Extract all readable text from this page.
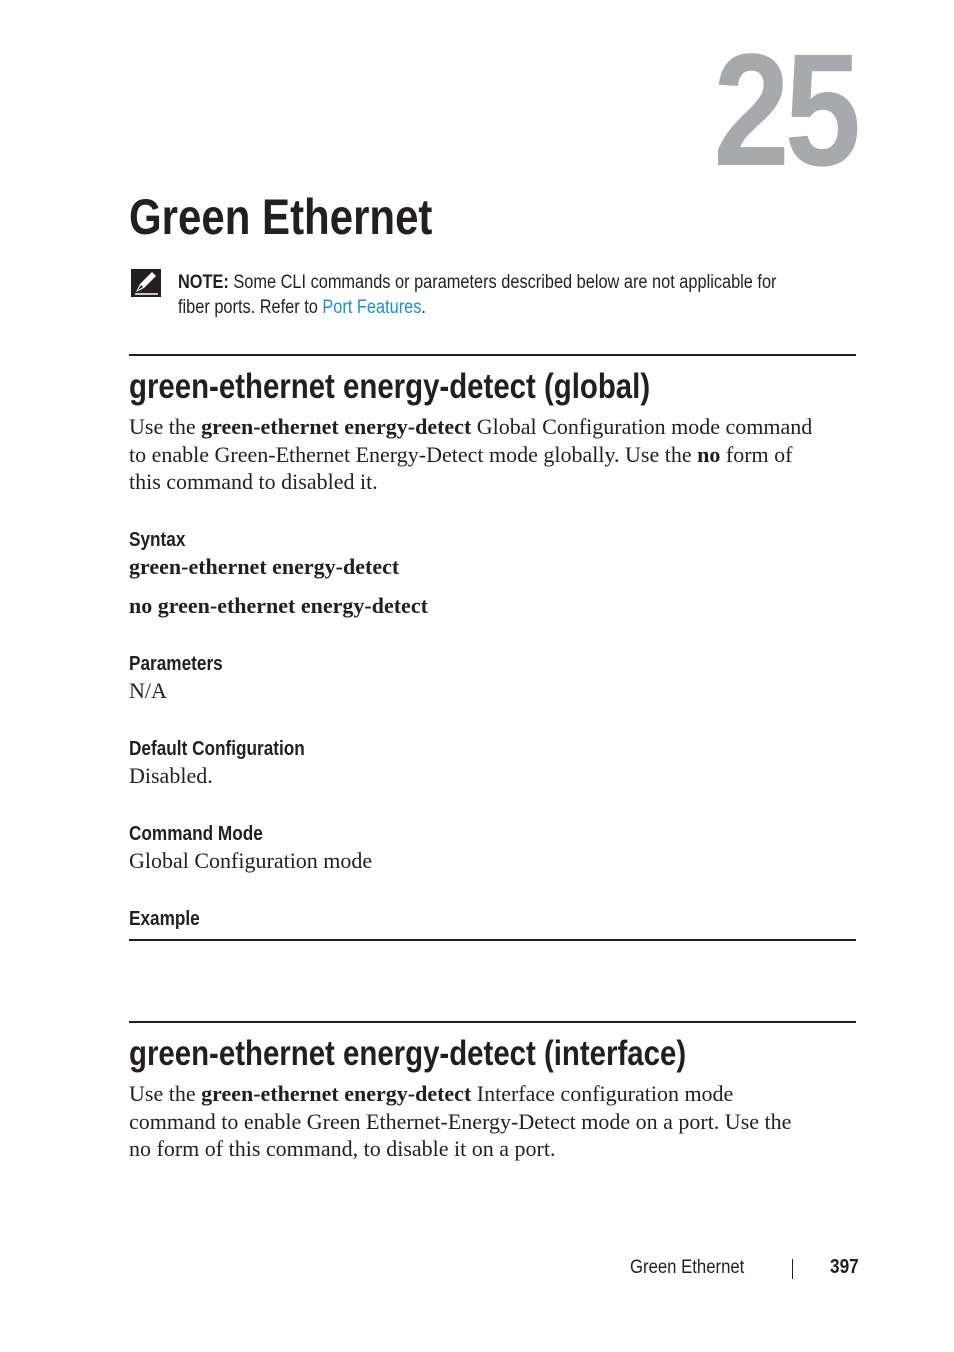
25
Green Ethernet
NOTE: Some CLI commands or parameters described below are not applicable for
fiber ports. Refer to Port Features.
green-ethernet energy-detect (global)

Use the green-ethernet energy-detect Global Configuration mode command

to enable Green-Ethernet Energy-Detect mode globally. Use the no form of

this command to disabled it.

Syntax
green-ethernet energy-detect
no green-ethernet energy-detect
Parameters
N/A
Default Configuration
Disabled.
Command Mode
Global Configuration mode
Example
green-ethernet energy-detect (interface)

Use the green-ethernet energy-detect Interface configuration mode

command to enable Green Ethernet-Energy-Detect mode on a port. Use the

no form of this command, to disable it on a port.

Green Ethernet	397
